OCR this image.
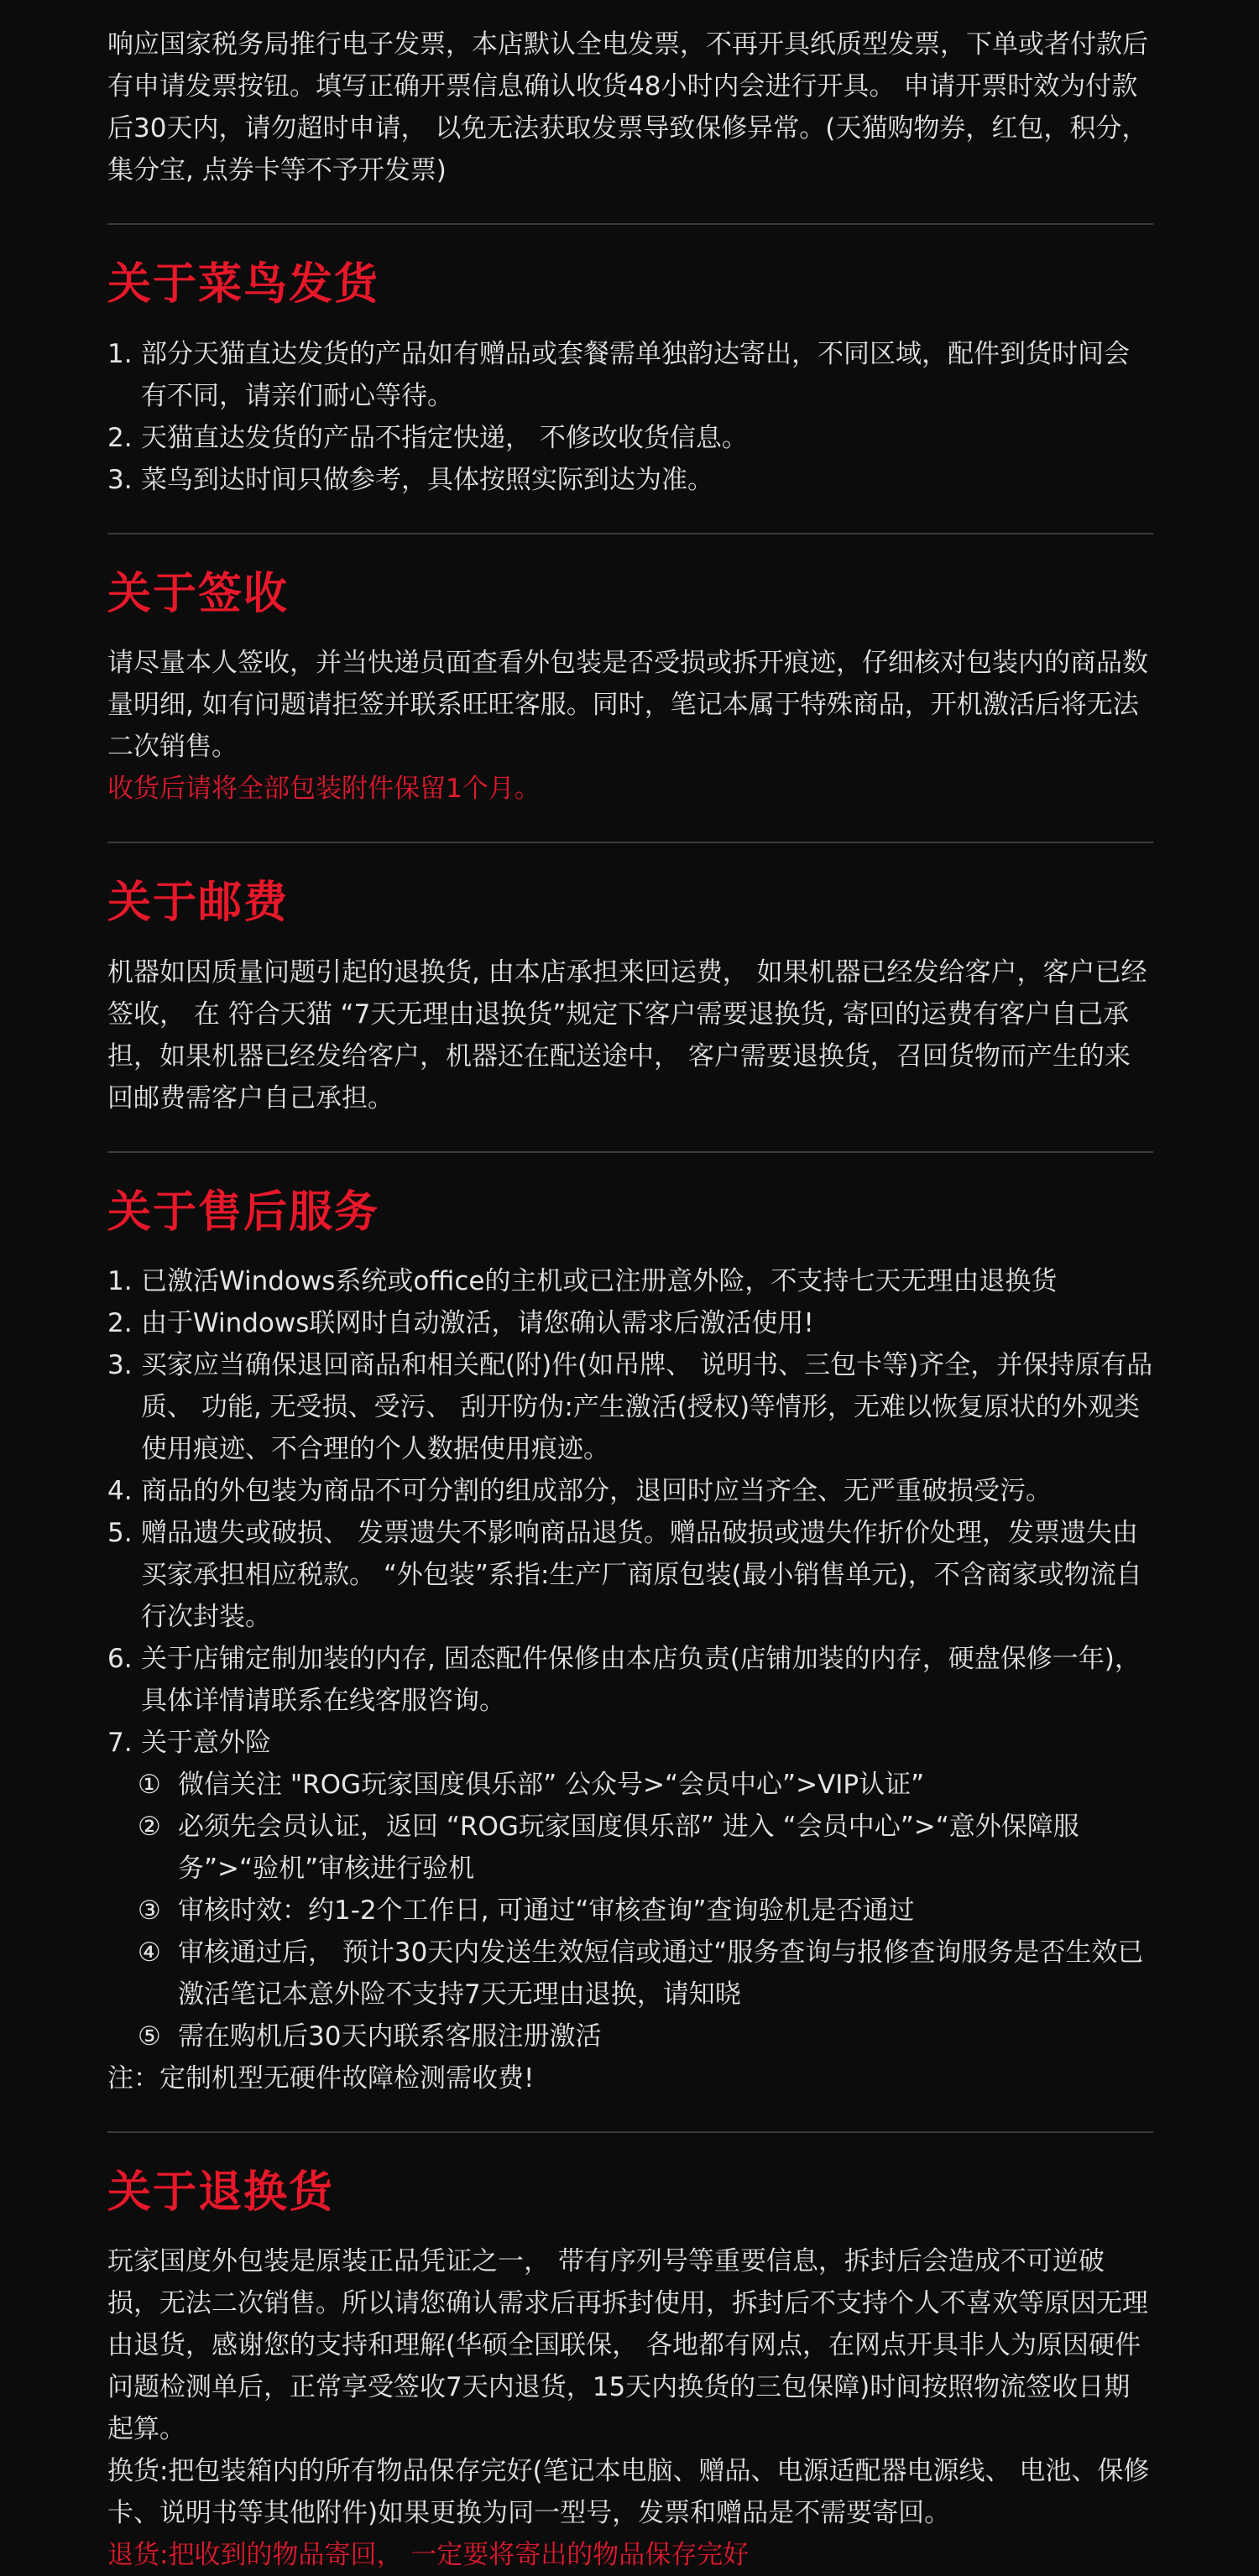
响应国家税务局推行电子发票，本店默认全电发票，不再开具纸质型发票，下单或者付款后有申请发票按钮。填写正确开票信息确认收货48小时内会进行开具。 申请开票时效为付款后30天内，请勿超时申请， 以免无法获取发票导致保修异常。(天猫购物券，红包，积分，集分宝, 点券卡等不予开发票)

关于菜鸟发货
1. 部分天猫直达发货的产品如有赠品或套餐需单独韵达寄出，不同区域，配件到货时间会有不同，请亲们耐心等待。
2. 天猫直达发货的产品不指定快递， 不修改收货信息。
3. 菜鸟到达时间只做参考，具体按照实际到达为准。
关于签收

请尽量本人签收，并当快递员面查看外包装是否受损或拆开痕迹，仔细核对包装内的商品数量明细, 如有问题请拒签并联系旺旺客服。同时，笔记本属于特殊商品，开机激活后将无法二次销售。

收货后请将全部包装附件保留1个月。

关于邮费

机器如因质量问题引起的退换货, 由本店承担来回运费， 如果机器已经发给客户，客户已经签收， 在 符合天猫 “7天无理由退换货”规定下客户需要退换货, 寄回的运费有客户自己承担，如果机器已经发给客户，机器还在配送途中， 客户需要退换货，召回货物而产生的来回邮费需客户自己承担。

关于售后服务
1. 已激活Windows系统或office的主机或已注册意外险，不支持七天无理由退换货
2. 由于Windows联网时自动激活，请您确认需求后激活使用!
3. 买家应当确保退回商品和相关配(附)件(如吊牌、 说明书、三包卡等)齐全，并保持原有品质、 功能, 无受损、受污、 刮开防伪:产生激活(授权)等情形，无难以恢复原状的外观类使用痕迹、不合理的个人数据使用痕迹。
4. 商品的外包装为商品不可分割的组成部分，退回时应当齐全、无严重破损受污。
5. 赠品遗失或破损、 发票遗失不影响商品退货。赠品破损或遗失作折价处理，发票遗失由买家承担相应税款。 “外包装”系指:生产厂商原包装(最小销售单元)，不含商家或物流自行次封装。
6. 关于店铺定制加装的内存, 固态配件保修由本店负责(店铺加装的内存，硬盘保修一年)，具体详情请联系在线客服咨询。
7. 关于意外险
① 微信关注 "ROG玩家国度俱乐部” 公众号>“会员中心”>VIP认证”
② 必须先会员认证，返回 “ROG玩家国度俱乐部” 进入 “会员中心”>“意外保障服务”>“验机”审核进行验机
③ 审核时效：约1-2个工作日, 可通过“审核查询”查询验机是否通过
④ 审核通过后， 预计30天内发送生效短信或通过“服务查询与报修查询服务是否生效已激活笔记本意外险不支持7天无理由退换，请知晓
⑤ 需在购机后30天内联系客服注册激活

注：定制机型无硬件故障检测需收费!

关于退换货

玩家国度外包装是原装正品凭证之一， 带有序列号等重要信息，拆封后会造成不可逆破损，无法二次销售。所以请您确认需求后再拆封使用，拆封后不支持个人不喜欢等原因无理由退货，感谢您的支持和理解(华硕全国联保， 各地都有网点，在网点开具非人为原因硬件问题检测单后，正常享受签收7天内退货，15天内换货的三包保障)时间按照物流签收日期起算。

换货:把包装箱内的所有物品保存完好(笔记本电脑、赠品、电源适配器电源线、 电池、保修卡、说明书等其他附件)如果更换为同一型号，发票和赠品是不需要寄回。

退货:把收到的物品寄回， 一定要将寄出的物品保存完好
